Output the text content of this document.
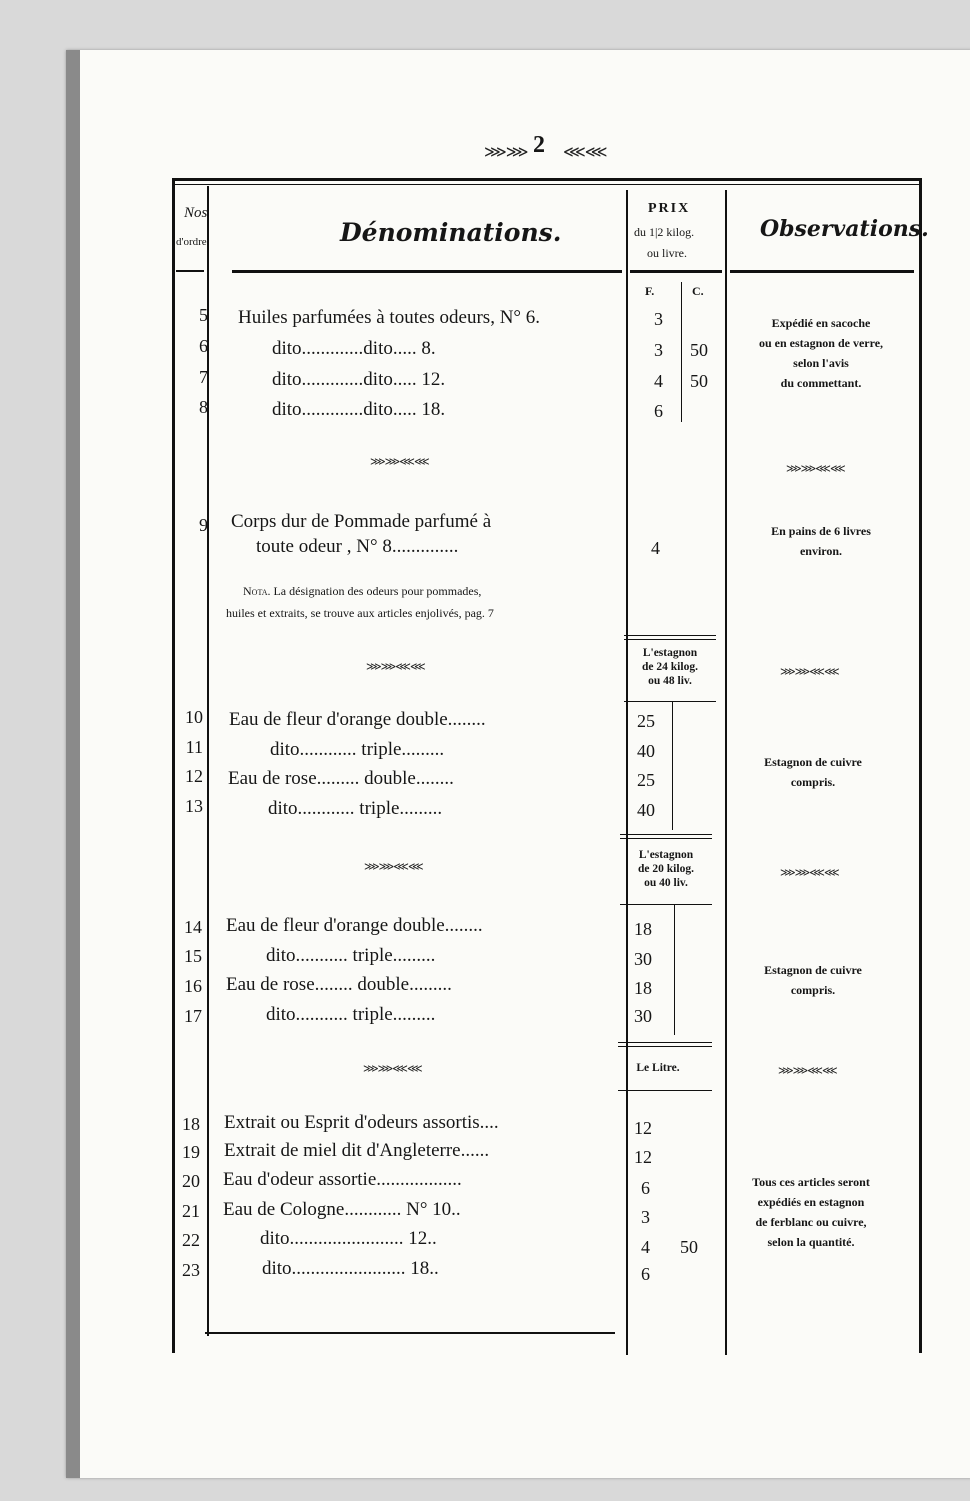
⋙⋙ 2 ⋘⋘
Nos
d'ordre	Dénominations.
PRIX
du 1|2 kilog.
ou livre.
Observations.
F.	C.
5 Huiles parfumées à toutes odeurs, N° 6.	3
6	dito.............dito..... 8.	3 50
7	dito.............dito..... 12.	4 50
8	dito.............dito..... 18.	6
Expédié en sacoche
ou en estagnon de verre,
selon l'avis
du commettant.
⋙⋙⋘⋘
⋙⋙⋘⋘
9 Corps dur de Pommade parfumé à
toute odeur , N° 8..............	4
En pains de 6 livres
environ.
Nota. La désignation des odeurs pour pommades,
huiles et extraits, se trouve aux articles enjolivés, pag. 7
L'estagnon
de 24 kilog.
ou 48 liv.
⋙⋙⋘⋘	⋙⋙⋘⋘
10 Eau de fleur d'orange double........	25
11	dito............ triple.........	40
12 Eau de rose......... double........	25
13	dito............ triple.........	40
Estagnon de cuivre
compris.
L'estagnon
de 20 kilog.
ou 40 liv.
⋙⋙⋘⋘	⋙⋙⋘⋘
14 Eau de fleur d'orange double........	18
15	dito........... triple.........	30
16 Eau de rose........ double.........	18
17	dito........... triple.........	30
Estagnon de cuivre
compris.
Le Litre.
⋙⋙⋘⋘	⋙⋙⋘⋘
18 Extrait ou Esprit d'odeurs assortis....	12
19 Extrait de miel dit d'Angleterre......	12
20 Eau d'odeur assortie..................	6
21 Eau de Cologne............ N° 10..	3
22	dito........................ 12..	4 50
23	dito........................ 18..	6
Tous ces articles seront
expédiés en estagnon
de ferblanc ou cuivre,
selon la quantité.
